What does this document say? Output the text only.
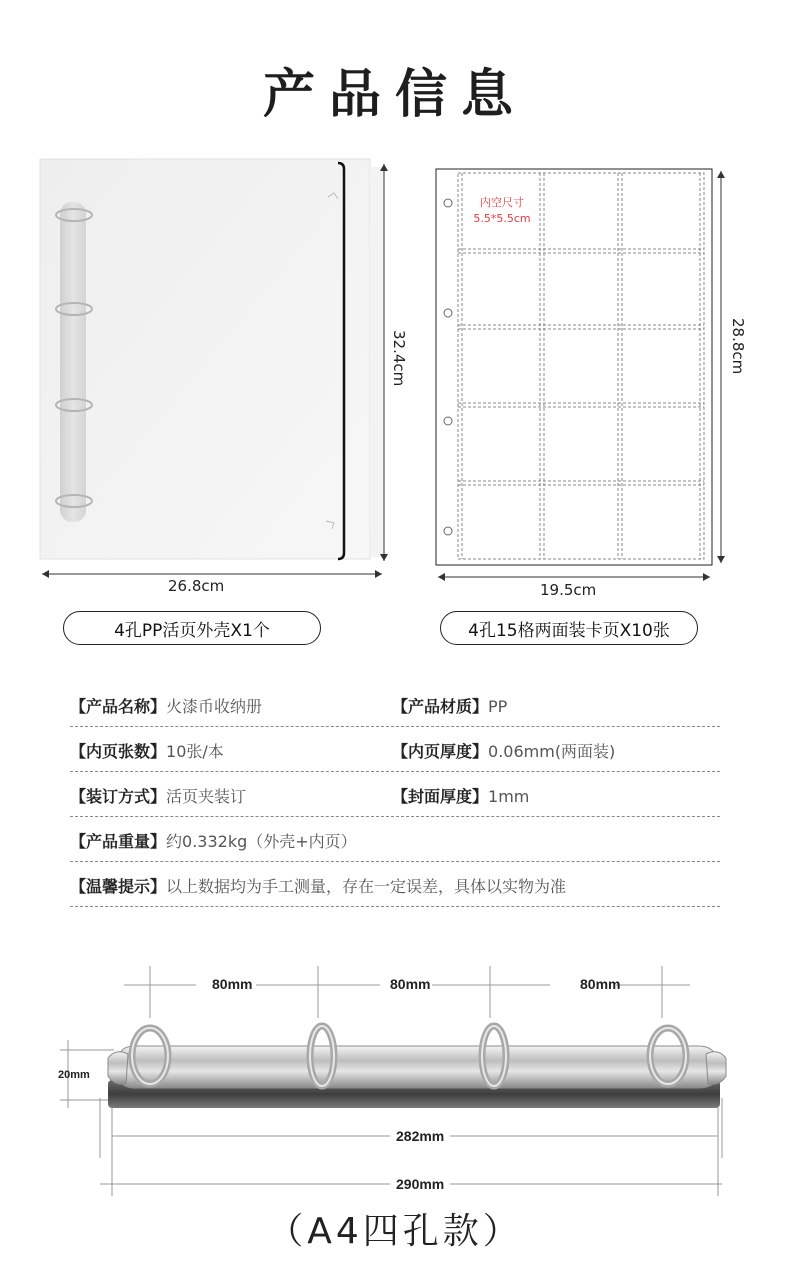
产品信息
26.8cm
32.4cm
4孔PP活页外壳X1个
内空尺寸
5.5*5.5cm
19.5cm
28.8cm
4孔15格两面装卡页X10张
【产品名称】火漆币收纳册	【产品材质】PP
【内页张数】10张/本	【内页厚度】0.06mm(两面装)
【装订方式】活页夹装订	【封面厚度】1mm
【产品重量】约0.332kg（外壳+内页）
【温馨提示】以上数据均为手工测量，存在一定误差，具体以实物为准
80mm	80mm	80mm
20mm
282mm
290mm
（A4四孔款）
